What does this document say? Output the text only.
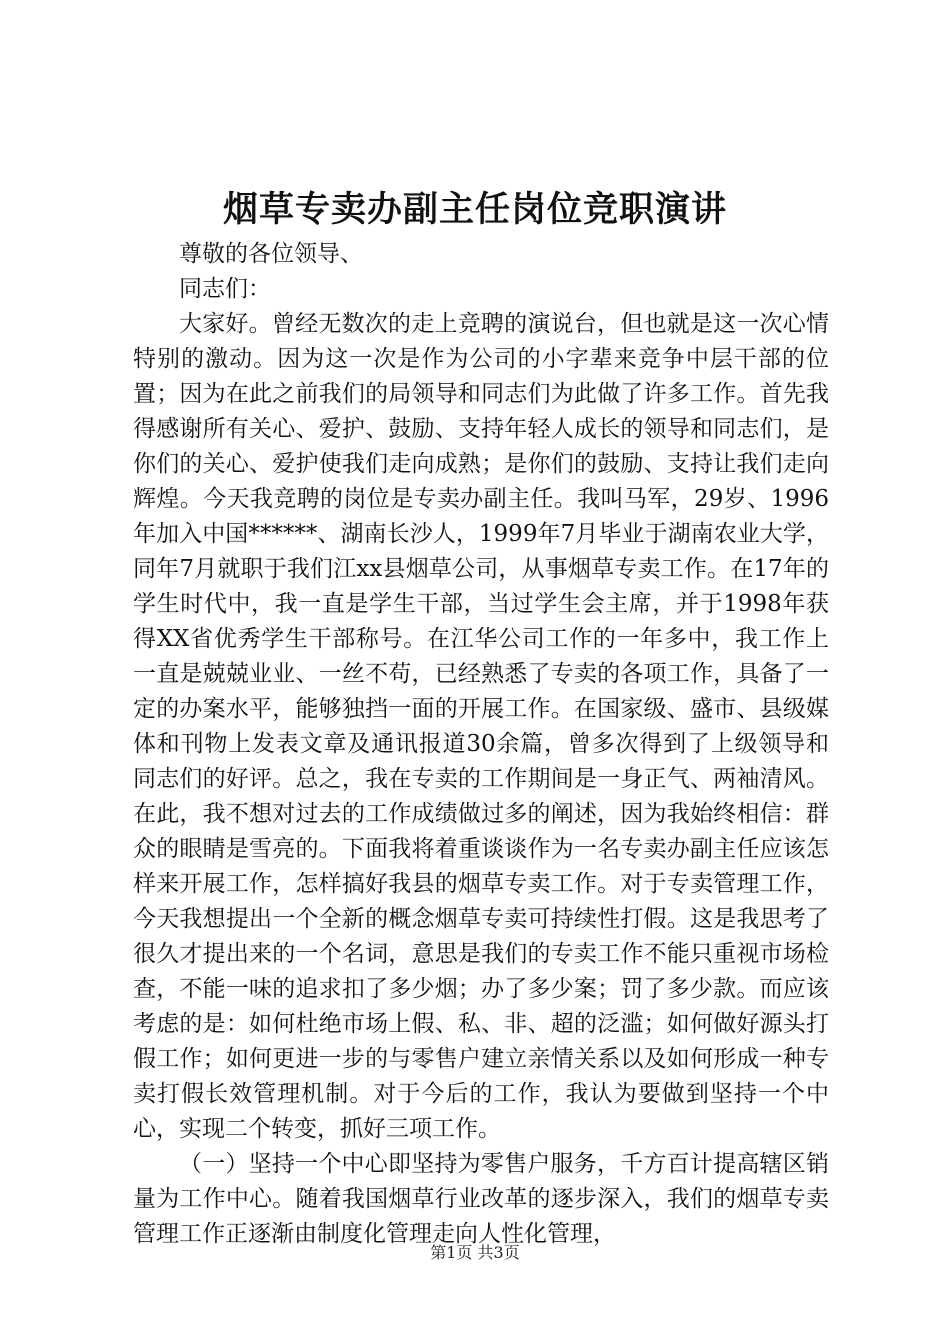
烟草专卖办副主任岗位竞职演讲

尊敬的各位领导、

同志们：

大家好。曾经无数次的走上竞聘的演说台，但也就是这一次心情特别的激动。因为这一次是作为公司的小字辈来竞争中层干部的位置；因为在此之前我们的局领导和同志们为此做了许多工作。首先我得感谢所有关心、爱护、鼓励、支持年轻人成长的领导和同志们，是你们的关心、爱护使我们走向成熟；是你们的鼓励、支持让我们走向辉煌。今天我竞聘的岗位是专卖办副主任。我叫马军，29岁、1996年加入中国******、湖南长沙人，1999年7月毕业于湖南农业大学，同年7月就职于我们江xx县烟草公司，从事烟草专卖工作。在17年的学生时代中，我一直是学生干部，当过学生会主席，并于1998年获得XX省优秀学生干部称号。在江华公司工作的一年多中，我工作上一直是兢兢业业、一丝不苟，已经熟悉了专卖的各项工作，具备了一定的办案水平，能够独挡一面的开展工作。在国家级、盛市、县级媒体和刊物上发表文章及通讯报道30余篇，曾多次得到了上级领导和同志们的好评。总之，我在专卖的工作期间是一身正气、两袖清风。在此，我不想对过去的工作成绩做过多的阐述，因为我始终相信：群众的眼睛是雪亮的。下面我将着重谈谈作为一名专卖办副主任应该怎样来开展工作，怎样搞好我县的烟草专卖工作。对于专卖管理工作，今天我想提出一个全新的概念烟草专卖可持续性打假。这是我思考了很久才提出来的一个名词，意思是我们的专卖工作不能只重视市场检查，不能一味的追求扣了多少烟；办了多少案；罚了多少款。而应该考虑的是：如何杜绝市场上假、私、非、超的泛滥；如何做好源头打假工作；如何更进一步的与零售户建立亲情关系以及如何形成一种专卖打假长效管理机制。对于今后的工作，我认为要做到坚持一个中心，实现二个转变，抓好三项工作。

（一）坚持一个中心即坚持为零售户服务，千方百计提高辖区销量为工作中心。随着我国烟草行业改革的逐步深入，我们的烟草专卖管理工作正逐渐由制度化管理走向人性化管理，

第1页 共3页
